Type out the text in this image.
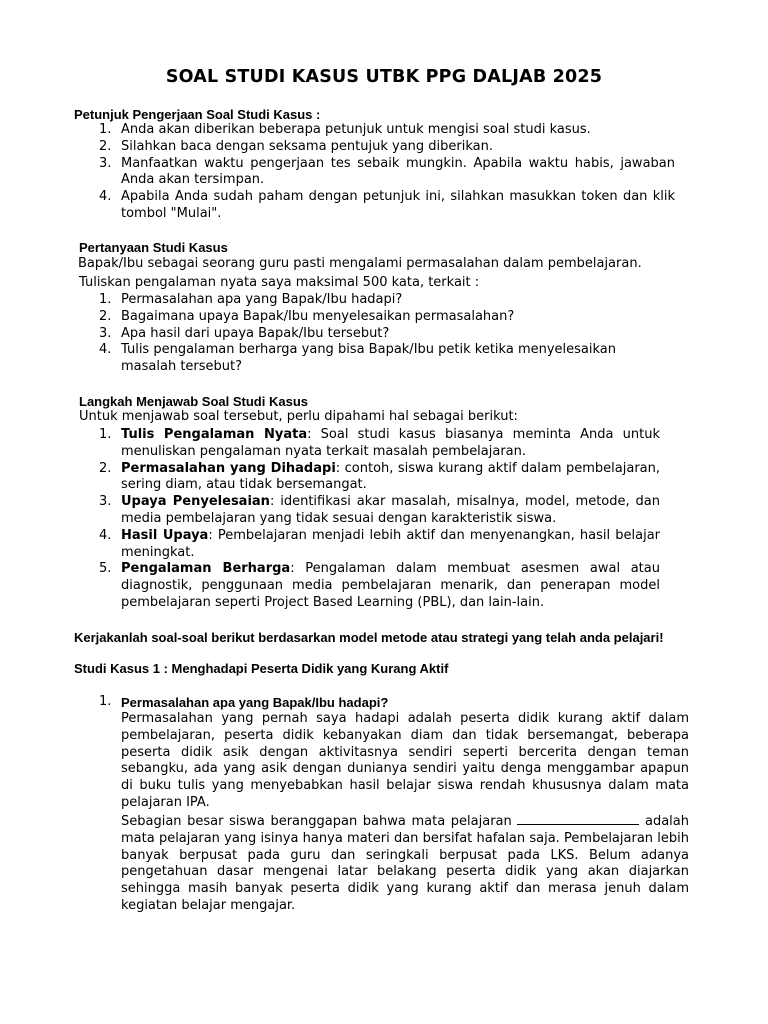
SOAL STUDI KASUS UTBK PPG DALJAB 2025
Petunjuk Pengerjaan Soal Studi Kasus :
1. Anda akan diberikan beberapa petunjuk untuk mengisi soal studi kasus.
2. Silahkan baca dengan seksama pentujuk yang diberikan.
3. Manfaatkan waktu pengerjaan tes sebaik mungkin. Apabila waktu habis, jawaban Anda akan tersimpan.
4. Apabila Anda sudah paham dengan petunjuk ini, silahkan masukkan token dan klik tombol "Mulai".
Pertanyaan Studi Kasus
Bapak/Ibu sebagai seorang guru pasti mengalami permasalahan dalam pembelajaran.
Tuliskan pengalaman nyata saya maksimal 500 kata, terkait :
1. Permasalahan apa yang Bapak/Ibu hadapi?
2. Bagaimana upaya Bapak/Ibu menyelesaikan permasalahan?
3. Apa hasil dari upaya Bapak/Ibu tersebut?
4. Tulis pengalaman berharga yang bisa Bapak/Ibu petik ketika menyelesaikan masalah tersebut?
Langkah Menjawab Soal Studi Kasus
Untuk menjawab soal tersebut, perlu dipahami hal sebagai berikut:
1. Tulis Pengalaman Nyata: Soal studi kasus biasanya meminta Anda untuk menuliskan pengalaman nyata terkait masalah pembelajaran.
2. Permasalahan yang Dihadapi: contoh, siswa kurang aktif dalam pembelajaran, sering diam, atau tidak bersemangat.
3. Upaya Penyelesaian: identifikasi akar masalah, misalnya, model, metode, dan media pembelajaran yang tidak sesuai dengan karakteristik siswa.
4. Hasil Upaya: Pembelajaran menjadi lebih aktif dan menyenangkan, hasil belajar meningkat.
5. Pengalaman Berharga: Pengalaman dalam membuat asesmen awal atau diagnostik, penggunaan media pembelajaran menarik, dan penerapan model pembelajaran seperti Project Based Learning (PBL), dan lain-lain.
Kerjakanlah soal-soal berikut berdasarkan model metode atau strategi yang telah anda pelajari!
Studi Kasus 1 : Menghadapi Peserta Didik yang Kurang Aktif
1. Permasalahan apa yang Bapak/Ibu hadapi?
Permasalahan yang pernah saya hadapi adalah peserta didik kurang aktif dalam pembelajaran, peserta didik kebanyakan diam dan tidak bersemangat, beberapa peserta didik asik dengan aktivitasnya sendiri seperti bercerita dengan teman sebangku, ada yang asik dengan dunianya sendiri yaitu denga menggambar apapun di buku tulis yang menyebabkan hasil belajar siswa rendah khususnya dalam mata pelajaran IPA.
Sebagian besar siswa beranggapan bahwa mata pelajaran	adalah mata pelajaran yang isinya hanya materi dan bersifat hafalan saja. Pembelajaran lebih banyak berpusat pada guru dan seringkali berpusat pada LKS. Belum adanya pengetahuan dasar mengenai latar belakang peserta didik yang akan diajarkan sehingga masih banyak peserta didik yang kurang aktif dan merasa jenuh dalam kegiatan belajar mengajar.
